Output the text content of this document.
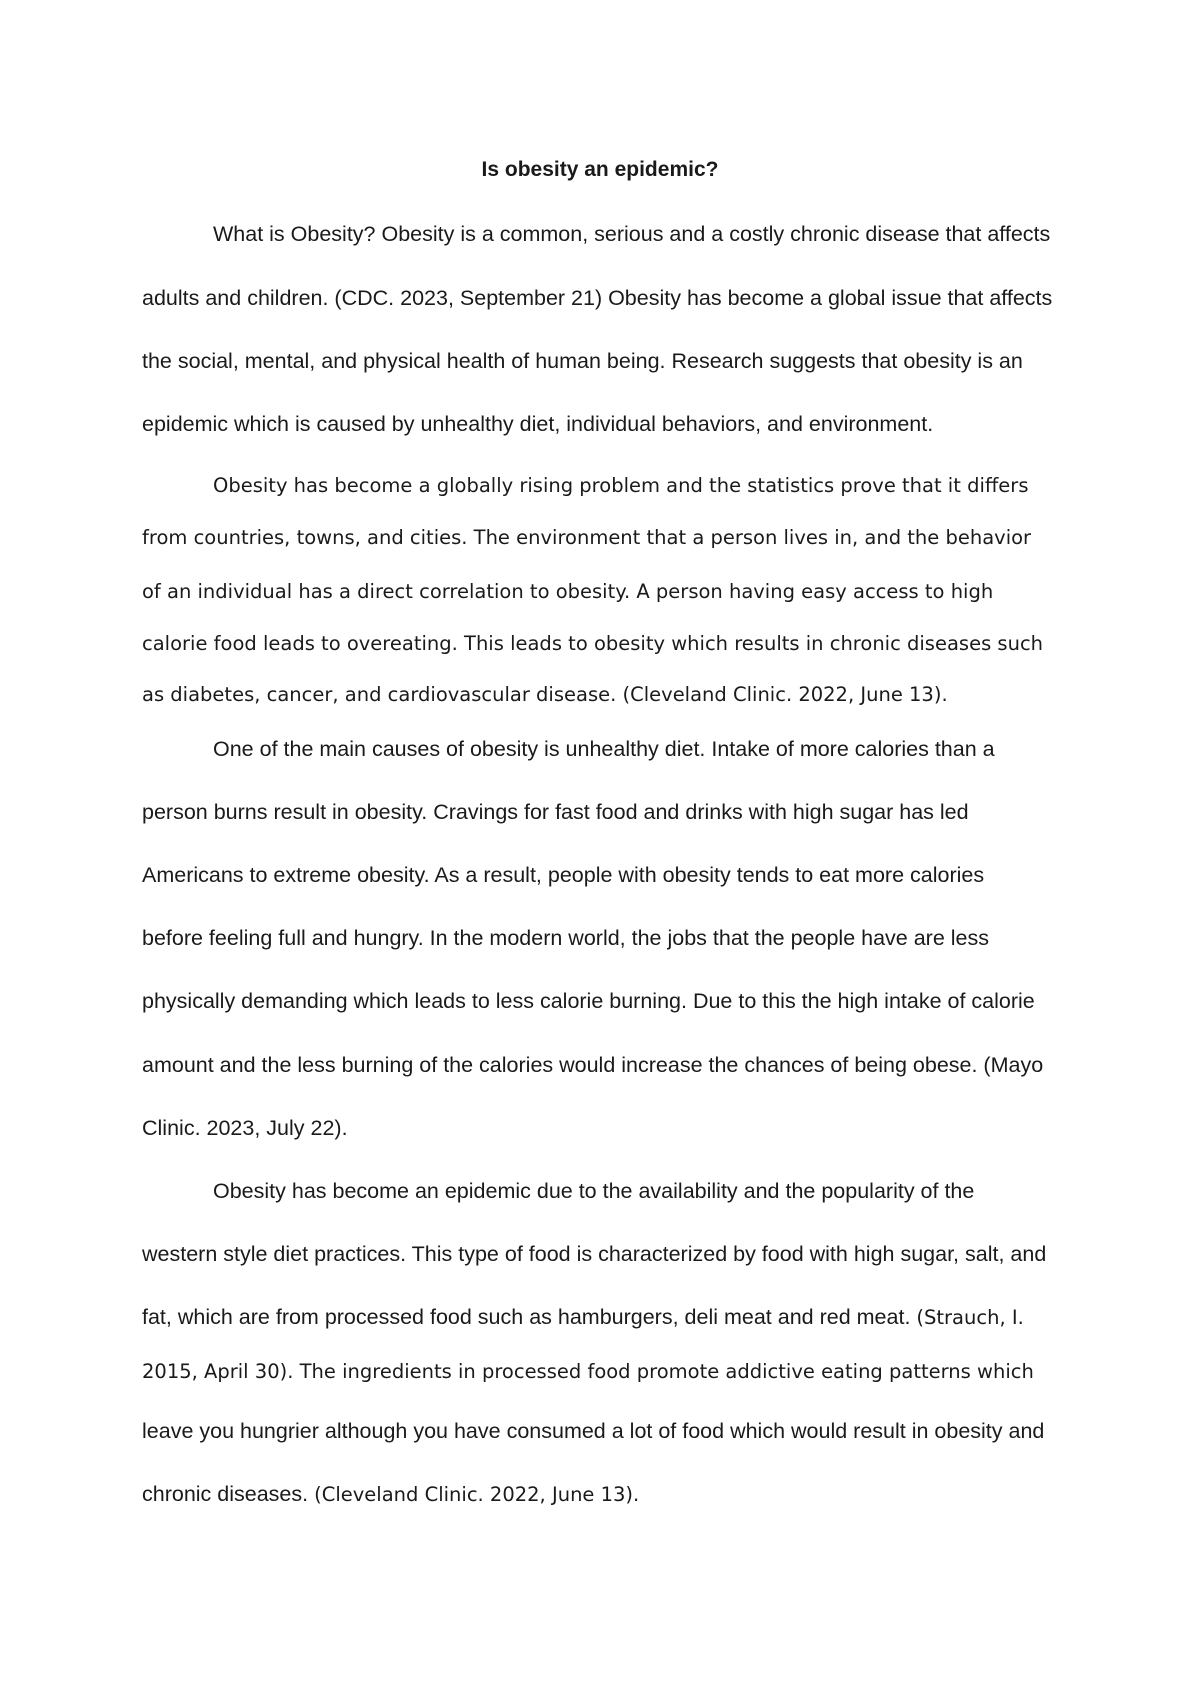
Is obesity an epidemic?
What is Obesity? Obesity is a common, serious and a costly chronic disease that affects
adults and children. (CDC. 2023, September 21) Obesity has become a global issue that affects
the social, mental, and physical health of human being. Research suggests that obesity is an
epidemic which is caused by unhealthy diet, individual behaviors, and environment.
Obesity has become a globally rising problem and the statistics prove that it differs
from countries, towns, and cities. The environment that a person lives in, and the behavior
of an individual has a direct correlation to obesity. A person having easy access to high
calorie food leads to overeating. This leads to obesity which results in chronic diseases such
as diabetes, cancer, and cardiovascular disease. (Cleveland Clinic. 2022, June 13).
One of the main causes of obesity is unhealthy diet. Intake of more calories than a
person burns result in obesity. Cravings for fast food and drinks with high sugar has led
Americans to extreme obesity. As a result, people with obesity tends to eat more calories
before feeling full and hungry. In the modern world, the jobs that the people have are less
physically demanding which leads to less calorie burning. Due to this the high intake of calorie
amount and the less burning of the calories would increase the chances of being obese. (Mayo
Clinic. 2023, July 22).
Obesity has become an epidemic due to the availability and the popularity of the
western style diet practices. This type of food is characterized by food with high sugar, salt, and
fat, which are from processed food such as hamburgers, deli meat and red meat. (Strauch, I.
2015, April 30). The ingredients in processed food promote addictive eating patterns which
leave you hungrier although you have consumed a lot of food which would result in obesity and
chronic diseases. (Cleveland Clinic. 2022, June 13).
